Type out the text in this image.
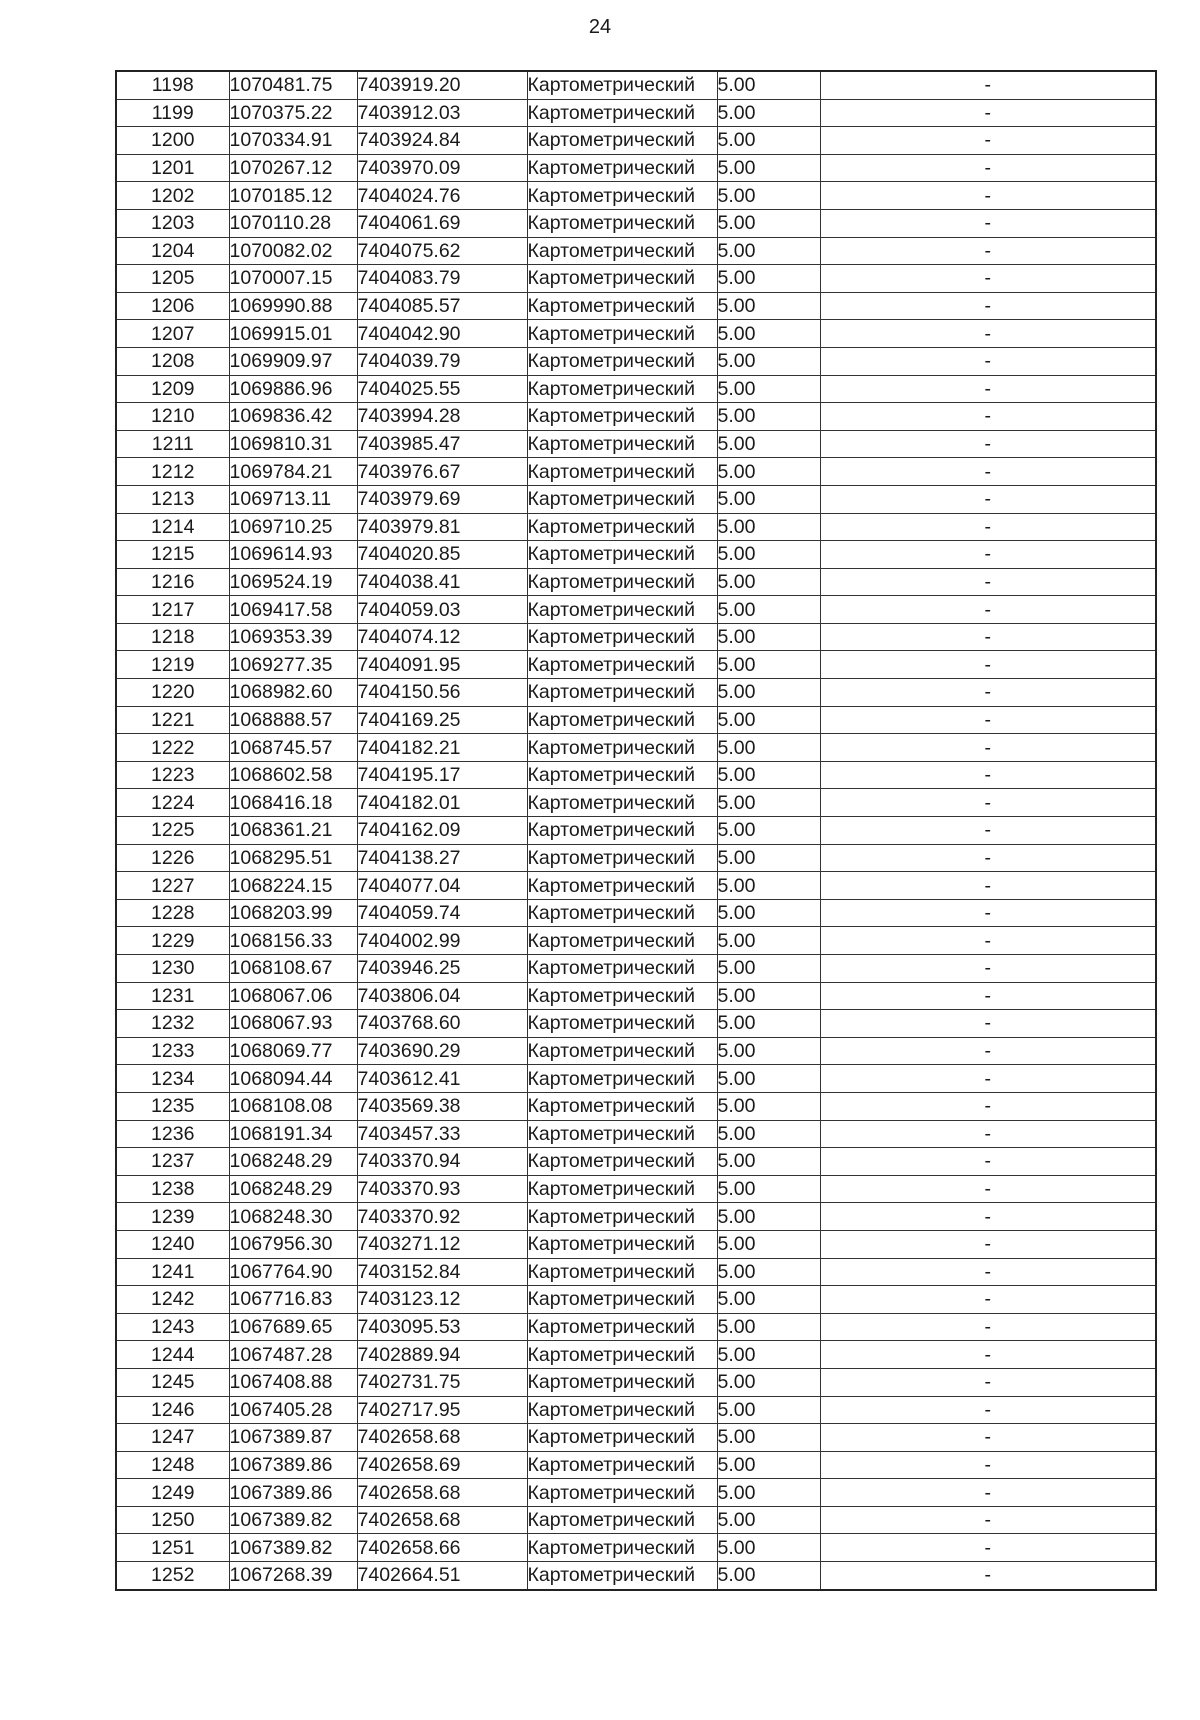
24
1198	1070481.75	7403919.20	Картометрический	5.00	-
1199	1070375.22	7403912.03	Картометрический	5.00	-
1200	1070334.91	7403924.84	Картометрический	5.00	-
1201	1070267.12	7403970.09	Картометрический	5.00	-
1202	1070185.12	7404024.76	Картометрический	5.00	-
1203	1070110.28	7404061.69	Картометрический	5.00	-
1204	1070082.02	7404075.62	Картометрический	5.00	-
1205	1070007.15	7404083.79	Картометрический	5.00	-
1206	1069990.88	7404085.57	Картометрический	5.00	-
1207	1069915.01	7404042.90	Картометрический	5.00	-
1208	1069909.97	7404039.79	Картометрический	5.00	-
1209	1069886.96	7404025.55	Картометрический	5.00	-
1210	1069836.42	7403994.28	Картометрический	5.00	-
1211	1069810.31	7403985.47	Картометрический	5.00	-
1212	1069784.21	7403976.67	Картометрический	5.00	-
1213	1069713.11	7403979.69	Картометрический	5.00	-
1214	1069710.25	7403979.81	Картометрический	5.00	-
1215	1069614.93	7404020.85	Картометрический	5.00	-
1216	1069524.19	7404038.41	Картометрический	5.00	-
1217	1069417.58	7404059.03	Картометрический	5.00	-
1218	1069353.39	7404074.12	Картометрический	5.00	-
1219	1069277.35	7404091.95	Картометрический	5.00	-
1220	1068982.60	7404150.56	Картометрический	5.00	-
1221	1068888.57	7404169.25	Картометрический	5.00	-
1222	1068745.57	7404182.21	Картометрический	5.00	-
1223	1068602.58	7404195.17	Картометрический	5.00	-
1224	1068416.18	7404182.01	Картометрический	5.00	-
1225	1068361.21	7404162.09	Картометрический	5.00	-
1226	1068295.51	7404138.27	Картометрический	5.00	-
1227	1068224.15	7404077.04	Картометрический	5.00	-
1228	1068203.99	7404059.74	Картометрический	5.00	-
1229	1068156.33	7404002.99	Картометрический	5.00	-
1230	1068108.67	7403946.25	Картометрический	5.00	-
1231	1068067.06	7403806.04	Картометрический	5.00	-
1232	1068067.93	7403768.60	Картометрический	5.00	-
1233	1068069.77	7403690.29	Картометрический	5.00	-
1234	1068094.44	7403612.41	Картометрический	5.00	-
1235	1068108.08	7403569.38	Картометрический	5.00	-
1236	1068191.34	7403457.33	Картометрический	5.00	-
1237	1068248.29	7403370.94	Картометрический	5.00	-
1238	1068248.29	7403370.93	Картометрический	5.00	-
1239	1068248.30	7403370.92	Картометрический	5.00	-
1240	1067956.30	7403271.12	Картометрический	5.00	-
1241	1067764.90	7403152.84	Картометрический	5.00	-
1242	1067716.83	7403123.12	Картометрический	5.00	-
1243	1067689.65	7403095.53	Картометрический	5.00	-
1244	1067487.28	7402889.94	Картометрический	5.00	-
1245	1067408.88	7402731.75	Картометрический	5.00	-
1246	1067405.28	7402717.95	Картометрический	5.00	-
1247	1067389.87	7402658.68	Картометрический	5.00	-
1248	1067389.86	7402658.69	Картометрический	5.00	-
1249	1067389.86	7402658.68	Картометрический	5.00	-
1250	1067389.82	7402658.68	Картометрический	5.00	-
1251	1067389.82	7402658.66	Картометрический	5.00	-
1252	1067268.39	7402664.51	Картометрический	5.00	-
